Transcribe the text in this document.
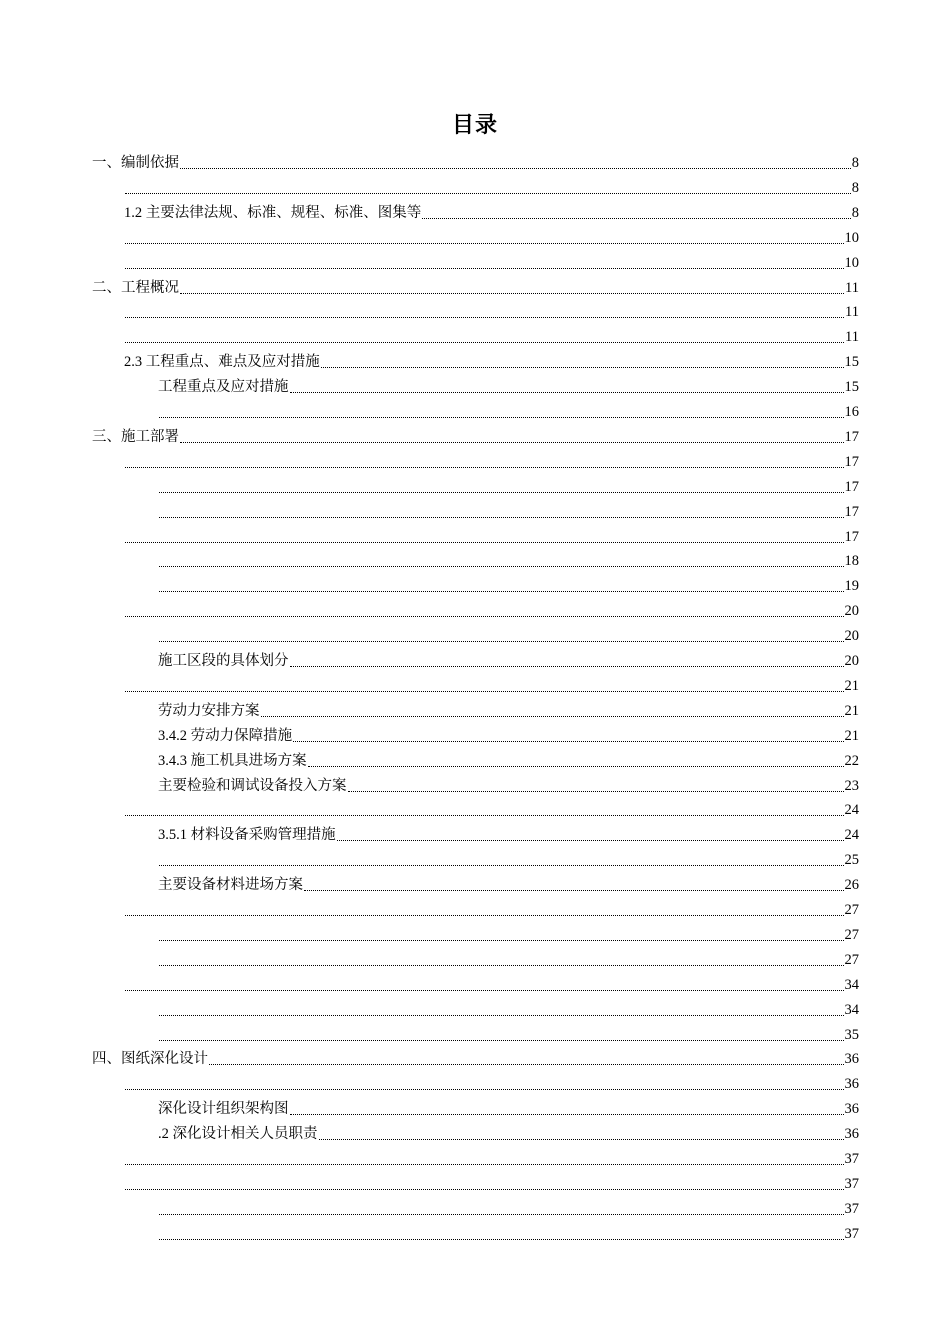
目录
一、编制依据	8
8
1.2 主要法律法规、标准、规程、标准、图集等	8
10
10
二、工程概况	11
11
11
2.3 工程重点、难点及应对措施	15
工程重点及应对措施	15
16
三、施工部署	17
17
17
17
17
18
19
20
20
施工区段的具体划分	20
21
劳动力安排方案	21
3.4.2 劳动力保障措施	21
3.4.3 施工机具进场方案	22
主要检验和调试设备投入方案	23
24
3.5.1 材料设备采购管理措施	24
25
主要设备材料进场方案	26
27
27
27
34
34
35
四、图纸深化设计	36
36
深化设计组织架构图	36
.2 深化设计相关人员职责	36
37
37
37
37
